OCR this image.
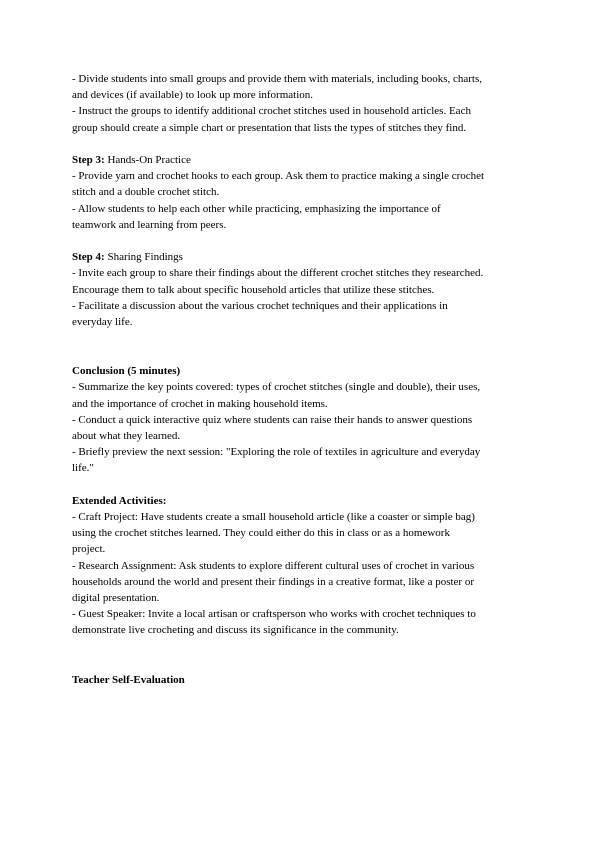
- Divide students into small groups and provide them with materials, including books, charts,
and devices (if available) to look up more information.
- Instruct the groups to identify additional crochet stitches used in household articles. Each
group should create a simple chart or presentation that lists the types of stitches they find.
Step 3: Hands-On Practice
- Provide yarn and crochet hooks to each group. Ask them to practice making a single crochet
stitch and a double crochet stitch.
- Allow students to help each other while practicing, emphasizing the importance of
teamwork and learning from peers.
Step 4: Sharing Findings
- Invite each group to share their findings about the different crochet stitches they researched.
Encourage them to talk about specific household articles that utilize these stitches.
- Facilitate a discussion about the various crochet techniques and their applications in
everyday life.
Conclusion (5 minutes)
- Summarize the key points covered: types of crochet stitches (single and double), their uses,
and the importance of crochet in making household items.
- Conduct a quick interactive quiz where students can raise their hands to answer questions
about what they learned.
- Briefly preview the next session: "Exploring the role of textiles in agriculture and everyday
life."
Extended Activities:
- Craft Project: Have students create a small household article (like a coaster or simple bag)
using the crochet stitches learned. They could either do this in class or as a homework
project.
- Research Assignment: Ask students to explore different cultural uses of crochet in various
households around the world and present their findings in a creative format, like a poster or
digital presentation.
- Guest Speaker: Invite a local artisan or craftsperson who works with crochet techniques to
demonstrate live crocheting and discuss its significance in the community.
Teacher Self-Evaluation
